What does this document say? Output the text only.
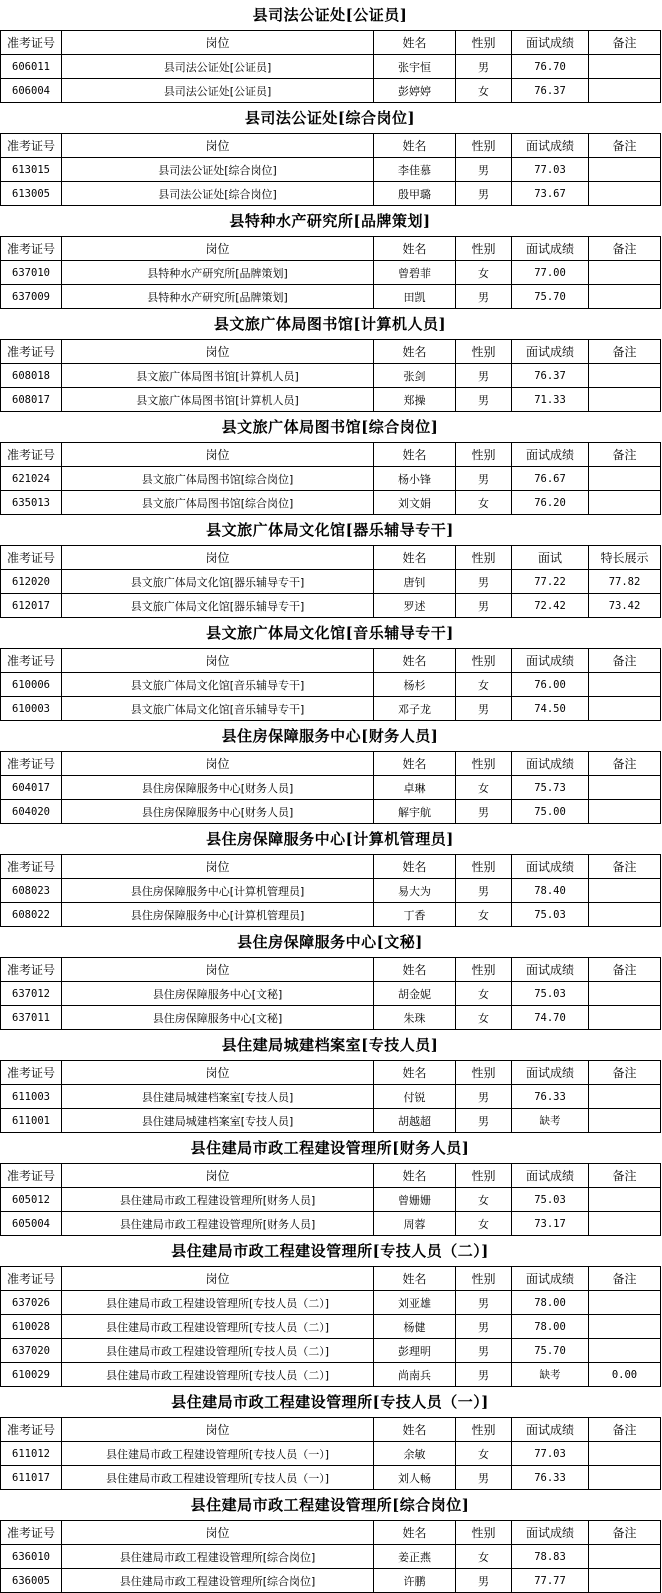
县司法公证处[公证员]
准考证号	岗位	姓名	性别	面试成绩	备注
606011	县司法公证处[公证员]	张宇恒	男	76.70	
606004	县司法公证处[公证员]	彭婷婷	女	76.37	
县司法公证处[综合岗位]
准考证号	岗位	姓名	性别	面试成绩	备注
613015	县司法公证处[综合岗位]	李佳慕	男	77.03	
613005	县司法公证处[综合岗位]	殷甲璐	男	73.67	
县特种水产研究所[品牌策划]
准考证号	岗位	姓名	性别	面试成绩	备注
637010	县特种水产研究所[品牌策划]	曾碧菲	女	77.00	
637009	县特种水产研究所[品牌策划]	田凯	男	75.70	
县文旅广体局图书馆[计算机人员]
准考证号	岗位	姓名	性别	面试成绩	备注
608018	县文旅广体局图书馆[计算机人员]	张剑	男	76.37	
608017	县文旅广体局图书馆[计算机人员]	郑操	男	71.33	
县文旅广体局图书馆[综合岗位]
准考证号	岗位	姓名	性别	面试成绩	备注
621024	县文旅广体局图书馆[综合岗位]	杨小锋	男	76.67	
635013	县文旅广体局图书馆[综合岗位]	刘文娟	女	76.20	
县文旅广体局文化馆[器乐辅导专干]
准考证号	岗位	姓名	性别	面试	特长展示
612020	县文旅广体局文化馆[器乐辅导专干]	唐钊	男	77.22	77.82
612017	县文旅广体局文化馆[器乐辅导专干]	罗述	男	72.42	73.42
县文旅广体局文化馆[音乐辅导专干]
准考证号	岗位	姓名	性别	面试成绩	备注
610006	县文旅广体局文化馆[音乐辅导专干]	杨杉	女	76.00	
610003	县文旅广体局文化馆[音乐辅导专干]	邓子龙	男	74.50	
县住房保障服务中心[财务人员]
准考证号	岗位	姓名	性别	面试成绩	备注
604017	县住房保障服务中心[财务人员]	卓琳	女	75.73	
604020	县住房保障服务中心[财务人员]	解宇航	男	75.00	
县住房保障服务中心[计算机管理员]
准考证号	岗位	姓名	性别	面试成绩	备注
608023	县住房保障服务中心[计算机管理员]	易大为	男	78.40	
608022	县住房保障服务中心[计算机管理员]	丁香	女	75.03	
县住房保障服务中心[文秘]
准考证号	岗位	姓名	性别	面试成绩	备注
637012	县住房保障服务中心[文秘]	胡金妮	女	75.03	
637011	县住房保障服务中心[文秘]	朱珠	女	74.70	
县住建局城建档案室[专技人员]
准考证号	岗位	姓名	性别	面试成绩	备注
611003	县住建局城建档案室[专技人员]	付锐	男	76.33	
611001	县住建局城建档案室[专技人员]	胡越超	男	缺考	
县住建局市政工程建设管理所[财务人员]
准考证号	岗位	姓名	性别	面试成绩	备注
605012	县住建局市政工程建设管理所[财务人员]	曾姗姗	女	75.03	
605004	县住建局市政工程建设管理所[财务人员]	周蓉	女	73.17	
县住建局市政工程建设管理所[专技人员（二）]
准考证号	岗位	姓名	性别	面试成绩	备注
637026	县住建局市政工程建设管理所[专技人员（二）]	刘亚雄	男	78.00	
610028	县住建局市政工程建设管理所[专技人员（二）]	杨健	男	78.00	
637020	县住建局市政工程建设管理所[专技人员（二）]	彭理明	男	75.70	
610029	县住建局市政工程建设管理所[专技人员（二）]	尚南兵	男	缺考	0.00
县住建局市政工程建设管理所[专技人员（一）]
准考证号	岗位	姓名	性别	面试成绩	备注
611012	县住建局市政工程建设管理所[专技人员（一）]	余敏	女	77.03	
611017	县住建局市政工程建设管理所[专技人员（一）]	刘人畅	男	76.33	
县住建局市政工程建设管理所[综合岗位]
准考证号	岗位	姓名	性别	面试成绩	备注
636010	县住建局市政工程建设管理所[综合岗位]	姜正燕	女	78.83	
636005	县住建局市政工程建设管理所[综合岗位]	许鹏	男	77.77	
